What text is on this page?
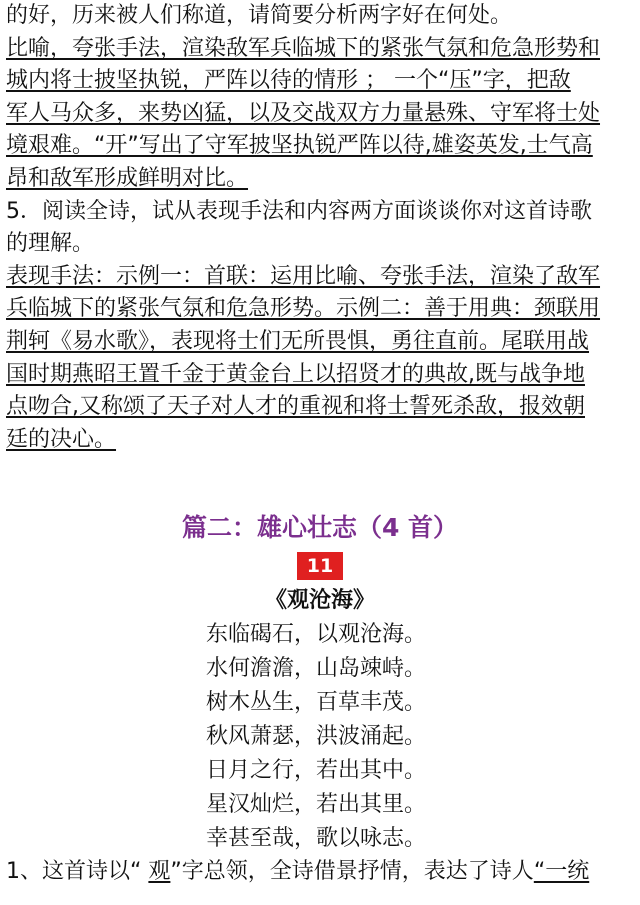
的好，历来被人们称道，请简要分析两字好在何处。
比喻，夸张手法，渲染敌军兵临城下的紧张气氛和危急形势和
城内将士披坚执锐，严阵以待的情形 ； 一个“压”字，把敌
军人马众多，来势凶猛，以及交战双方力量悬殊、守军将士处
境艰难。“开”写出了守军披坚执锐严阵以待,雄姿英发,士气高
昂和敌军形成鲜明对比。
5．阅读全诗，试从表现手法和内容两方面谈谈你对这首诗歌
的理解。
表现手法：示例一：首联：运用比喻、夸张手法，渲染了敌军
兵临城下的紧张气氛和危急形势。示例二：善于用典：颈联用
荆轲《易水歌》，表现将士们无所畏惧，勇往直前。尾联用战
国时期燕昭王置千金于黄金台上以招贤才的典故,既与战争地
点吻合,又称颂了天子对人才的重视和将士誓死杀敌，报效朝
廷的决心。
篇二：雄心壮志（4 首）
11
《观沧海》
东临碣石，以观沧海。
水何澹澹，山岛竦峙。
树木丛生，百草丰茂。
秋风萧瑟，洪波涌起。
日月之行，若出其中。
星汉灿烂，若出其里。
幸甚至哉，歌以咏志。
1、这首诗以“ 观”字总领，全诗借景抒情，表达了诗人“一统
